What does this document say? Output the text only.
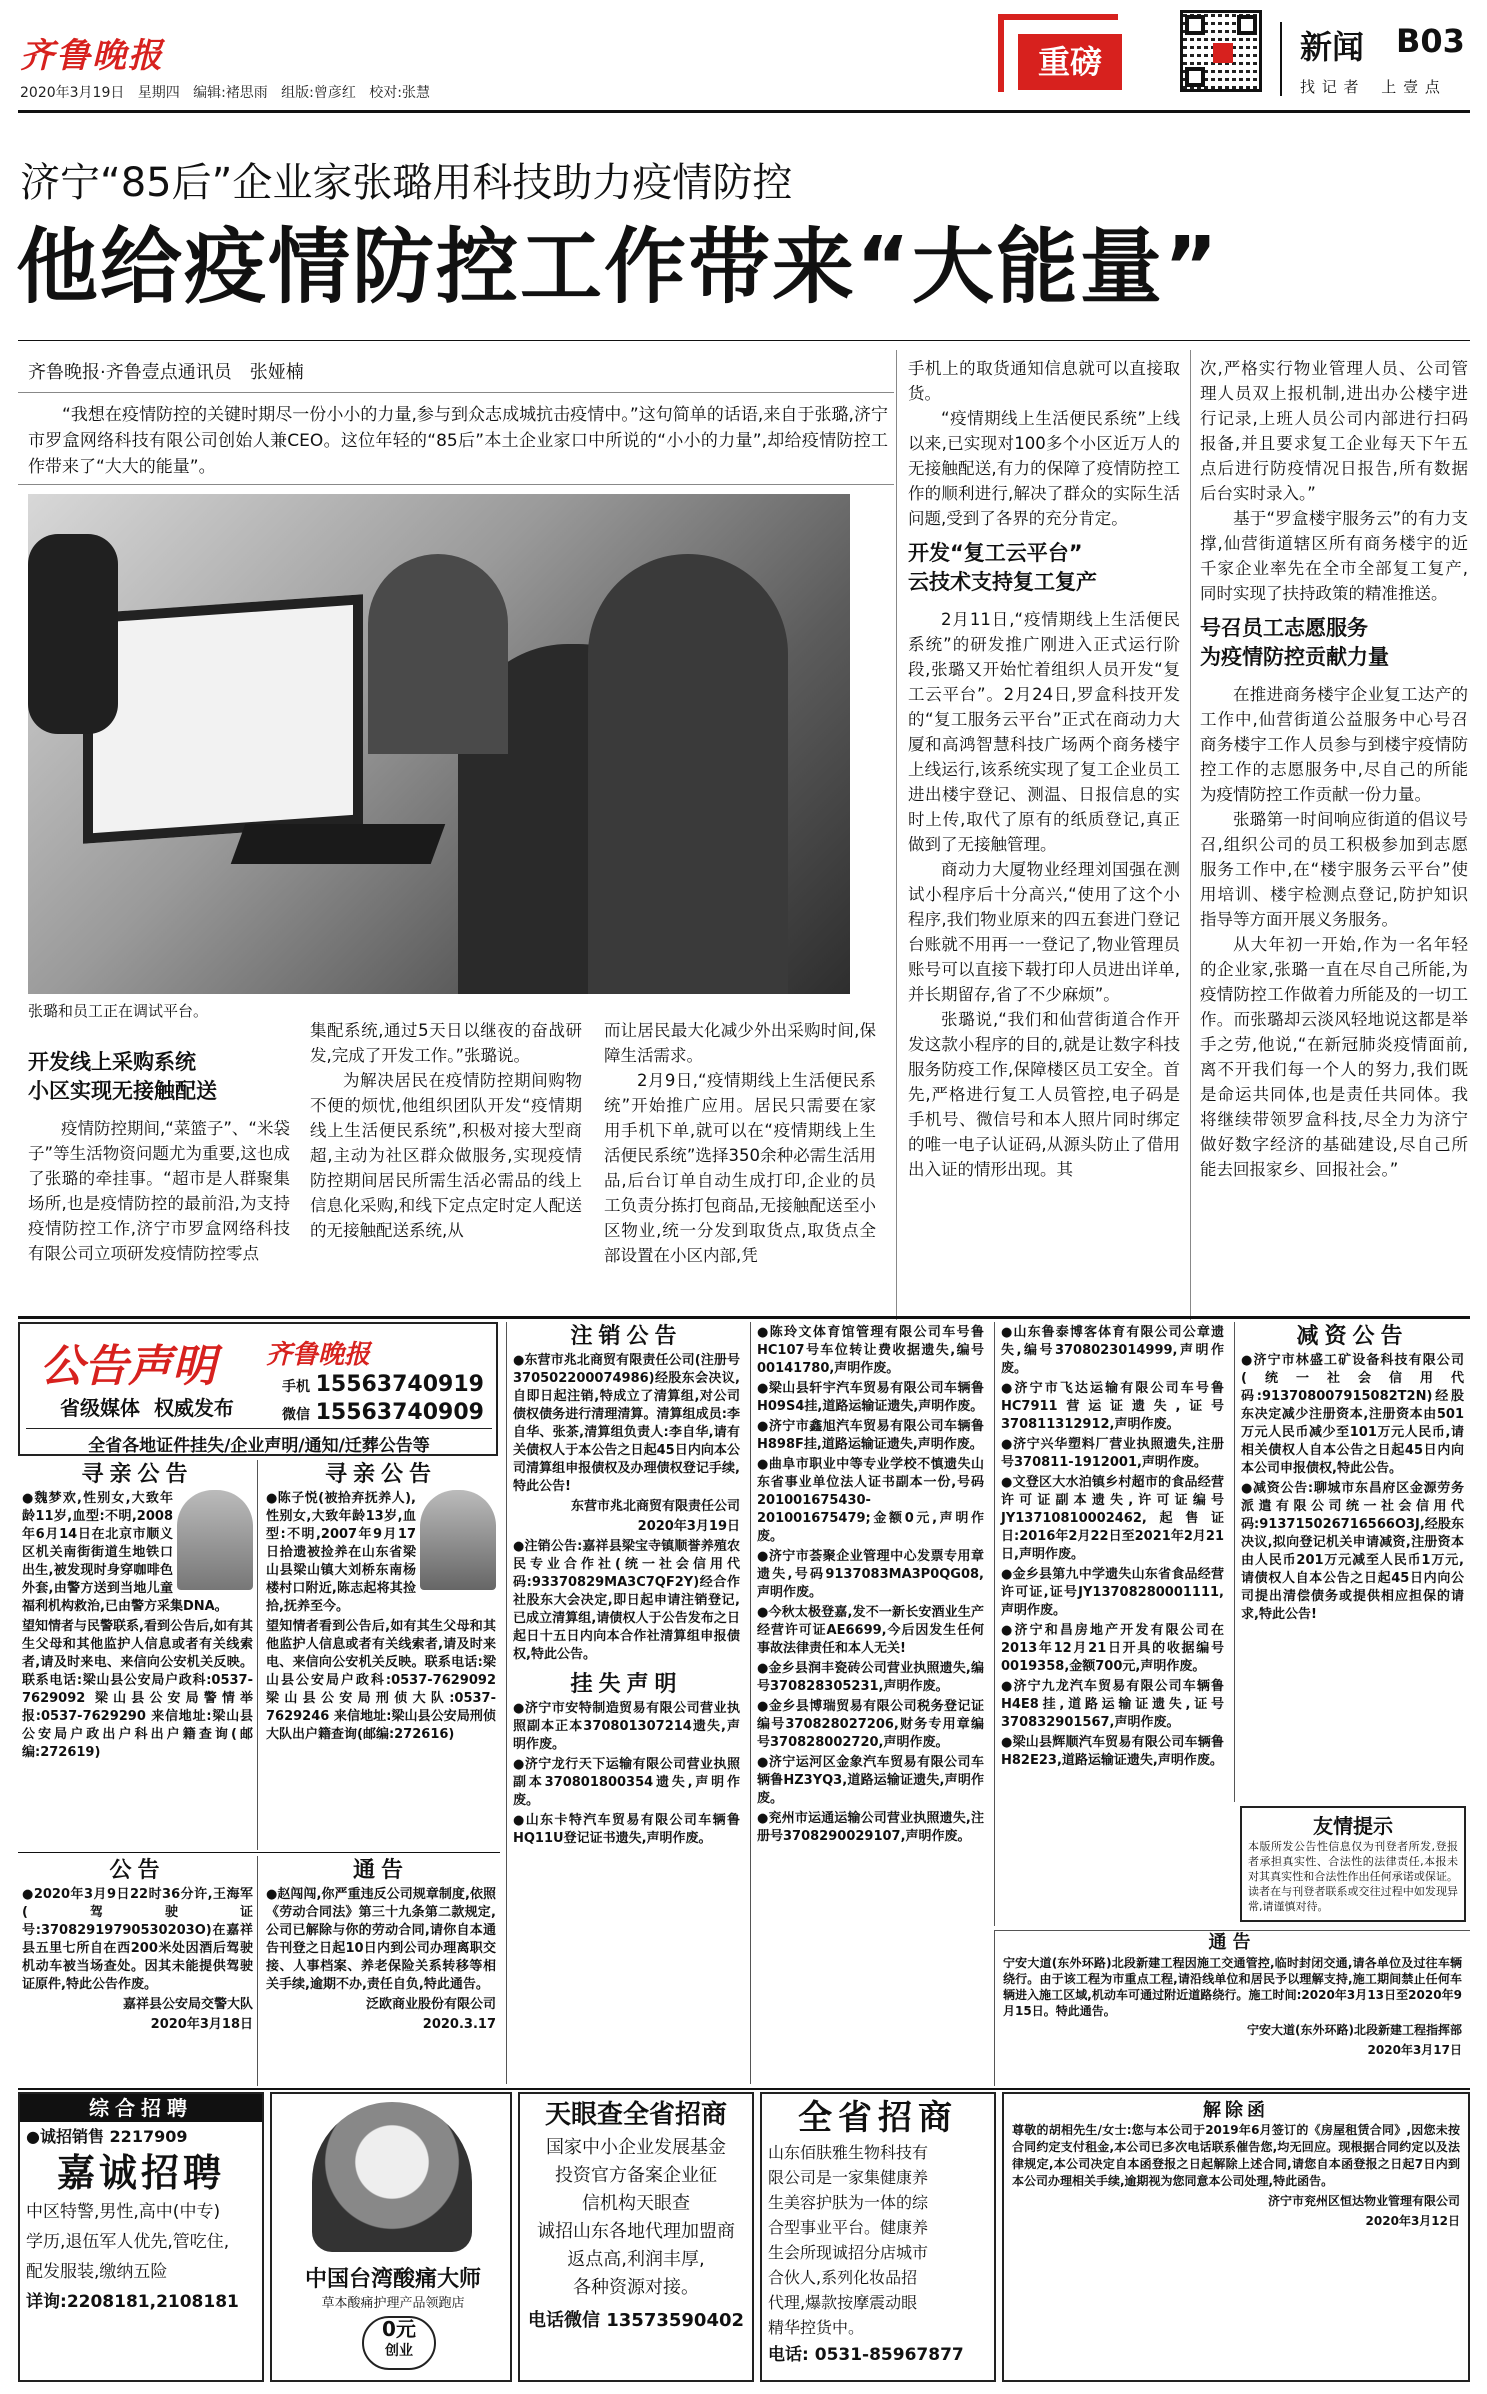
齐鲁晚报
2020年3月19日 星期四 编辑:褚思雨 组版:曾彦红 校对:张慧
重磅	新闻 B03
找 记 者　 上 壹 点
济宁“85后”企业家张璐用科技助力疫情防控
他给疫情防控工作带来“大能量”
齐鲁晚报·齐鲁壹点通讯员　张娅楠
“我想在疫情防控的关键时期尽一份小小的力量,参与到众志成城抗击疫情中。”这句简单的话语,来自于张璐,济宁市罗盒网络科技有限公司创始人兼CEO。这位年轻的“85后”本土企业家口中所说的“小小的力量”,却给疫情防控工作带来了“大大的能量”。
张璐和员工正在调试平台。
开发线上采购系统
小区实现无接触配送

疫情防控期间,“菜篮子”、“米袋子”等生活物资问题尤为重要,这也成了张璐的牵挂事。“超市是人群聚集场所,也是疫情防控的最前沿,为支持疫情防控工作,济宁市罗盒网络科技有限公司立项研发疫情防控零点

集配系统,通过5天日以继夜的奋战研发,完成了开发工作。”张璐说。

为解决居民在疫情防控期间购物不便的烦忧,他组织团队开发“疫情期线上生活便民系统”,积极对接大型商超,主动为社区群众做服务,实现疫情防控期间居民所需生活必需品的线上信息化采购,和线下定点定时定人配送的无接触配送系统,从

而让居民最大化减少外出采购时间,保障生活需求。

2月9日,“疫情期线上生活便民系统”开始推广应用。居民只需要在家用手机下单,就可以在“疫情期线上生活便民系统”选择350余种必需生活用品,后台订单自动生成打印,企业的员工负责分拣打包商品,无接触配送至小区物业,统一分发到取货点,取货点全部设置在小区内部,凭

手机上的取货通知信息就可以直接取货。

“疫情期线上生活便民系统”上线以来,已实现对100多个小区近万人的无接触配送,有力的保障了疫情防控工作的顺利进行,解决了群众的实际生活问题,受到了各界的充分肯定。

开发“复工云平台”
云技术支持复工复产

2月11日,“疫情期线上生活便民系统”的研发推广刚进入正式运行阶段,张璐又开始忙着组织人员开发“复工云平台”。2月24日,罗盒科技开发的“复工服务云平台”正式在商动力大厦和高鸿智慧科技广场两个商务楼宇上线运行,该系统实现了复工企业员工进出楼宇登记、测温、日报信息的实时上传,取代了原有的纸质登记,真正做到了无接触管理。

商动力大厦物业经理刘国强在测试小程序后十分高兴,“使用了这个小程序,我们物业原来的四五套进门登记台账就不用再一一登记了,物业管理员账号可以直接下载打印人员进出详单,并长期留存,省了不少麻烦”。

张璐说,“我们和仙营街道合作开发这款小程序的目的,就是让数字科技服务防疫工作,保障楼区员工安全。首先,严格进行复工人员管控,电子码是手机号、微信号和本人照片同时绑定的唯一电子认证码,从源头防止了借用出入证的情形出现。其

次,严格实行物业管理人员、公司管理人员双上报机制,进出办公楼宇进行记录,上班人员公司内部进行扫码报备,并且要求复工企业每天下午五点后进行防疫情况日报告,所有数据后台实时录入。”

基于“罗盒楼宇服务云”的有力支撑,仙营街道辖区所有商务楼宇的近千家企业率先在全市全部复工复产,同时实现了扶持政策的精准推送。

号召员工志愿服务
为疫情防控贡献力量

在推进商务楼宇企业复工达产的工作中,仙营街道公益服务中心号召商务楼宇工作人员参与到楼宇疫情防控工作的志愿服务中,尽自己的所能为疫情防控工作贡献一份力量。

张璐第一时间响应街道的倡议号召,组织公司的员工积极参加到志愿服务工作中,在“楼宇服务云平台”使用培训、楼宇检测点登记,防护知识指导等方面开展义务服务。

从大年初一开始,作为一名年轻的企业家,张璐一直在尽自己所能,为疫情防控工作做着力所能及的一切工作。而张璐却云淡风轻地说这都是举手之劳,他说,“在新冠肺炎疫情面前,离不开我们每一个人的努力,我们既是命运共同体,也是责任共同体。我将继续带领罗盒科技,尽全力为济宁做好数字经济的基础建设,尽自己所能去回报家乡、回报社会。”

公告声明 齐鲁晚报
手机 15563740919
微信 15563740909
省级媒体 权威发布
全省各地证件挂失/企业声明/通知/迁葬公告等
寻亲公告

●魏梦欢,性别女,大致年龄11岁,血型:不明,2008年6月14日在北京市顺义区机关南街街道生地铁口出生,被发现时身穿咖啡色外套,由警方送到当地儿童福利机构救治,已由警方采集DNA。

望知情者与民警联系,看到公告后,如有其生父母和其他监护人信息或者有关线索者,请及时来电、来信向公安机关反映。联系电话:梁山县公安局户政科:0537-7629092 梁山县公安局警情举报:0537-7629290 来信地址:梁山县公安局户政出户科出户籍查询(邮编:272619)

寻亲公告

●陈子悦(被拾弃抚养人),性别女,大致年龄13岁,血型:不明,2007年9月17日拾遗被捡养在山东省梁山县梁山镇大刘桥东南杨楼村口附近,陈志起将其捡拾,抚养至今。

望知情者看到公告后,如有其生父母和其他监护人信息或者有关线索者,请及时来电、来信向公安机关反映。联系电话:梁山县公安局户政科:0537-7629092 梁山县公安局刑侦大队:0537-7629246 来信地址:梁山县公安局刑侦大队出户籍查询(邮编:272616)

公告

●2020年3月9日22时36分许,王海军(驾驶证号:37082919790530203O)在嘉祥县五里七所自在西200米处因酒后驾驶机动车被当场查处。因其未能提供驾驶证原件,特此公告作废。

嘉祥县公安局交警大队

2020年3月18日

通告

●赵闯闯,你严重违反公司规章制度,依照《劳动合同法》第三十九条第二款规定,公司已解除与你的劳动合同,请你自本通告刊登之日起10日内到公司办理离职交接、人事档案、养老保险关系转移等相关手续,逾期不办,责任自负,特此通告。

泛欧商业股份有限公司

2020.3.17

注销公告

●东营市兆北商贸有限责任公司(注册号370502200074986)经股东会决议,自即日起注销,特成立了清算组,对公司债权债务进行清理清算。清算组成员:李自华、张茶,清算组负责人:李自华,请有关债权人于本公告之日起45日内向本公司清算组申报债权及办理债权登记手续,特此公告!

东营市兆北商贸有限责任公司

2020年3月19日

●注销公告:嘉祥县梁宝寺镇顺誉养殖农民专业合作社(统一社会信用代码:93370829MA3C7QF2Y)经合作社股东大会决定,即日起申请注销登记,已成立清算组,请债权人于公告发布之日起日十五日内向本合作社清算组申报债权,特此公告。

挂失声明

●济宁市安特制造贸易有限公司营业执照副本正本370801307214遗失,声明作废。

●济宁龙行天下运输有限公司营业执照副本370801800354遗失,声明作废。

●山东卡特汽车贸易有限公司车辆鲁HQ11U登记证书遗失,声明作废。

●陈玲文体育馆管理有限公司车号鲁HC107号车位转让费收据遗失,编号00141780,声明作废。

●梁山县轩宇汽车贸易有限公司车辆鲁H09S4挂,道路运输证遗失,声明作废。

●济宁市鑫旭汽车贸易有限公司车辆鲁H898F挂,道路运输证遗失,声明作废。

●曲阜市职业中等专业学校不慎遗失山东省事业单位法人证书副本一份,号码201001675430-201001675479;金额0元,声明作废。

●济宁市荟聚企业管理中心发票专用章遗失,号码9137083MA3P0QG08,声明作废。

●今秋太极登嘉,发不一新长安酒业生产经营许可证AE6699,今后因发生任何事故法律责任和本人无关!

●金乡县润丰瓷砖公司营业执照遗失,编号370828305231,声明作废。

●金乡县博瑞贸易有限公司税务登记证编号370828027206,财务专用章编号370828002720,声明作废。

●济宁运河区金象汽车贸易有限公司车辆鲁HZ3YQ3,道路运输证遗失,声明作废。

●兖州市运通运输公司营业执照遗失,注册号3708290029107,声明作废。

●山东鲁泰博客体育有限公司公章遗失,编号3708023014999,声明作废。

●济宁市飞达运输有限公司车号鲁HC7911营运证遗失,证号370811312912,声明作废。

●济宁兴华塑料厂营业执照遗失,注册号370811-1912001,声明作废。

●文登区大水泊镇乡村超市的食品经营许可证副本遗失,许可证编号JY13710810002462,起售证日:2016年2月22日至2021年2月21日,声明作废。

●金乡县第九中学遗失山东省食品经营许可证,证号JY13708280001111,声明作废。

●济宁和昌房地产开发有限公司在2013年12月21日开具的收据编号0019358,金额700元,声明作废。

●济宁九龙汽车贸易有限公司车辆鲁H4E8挂,道路运输证遗失,证号370832901567,声明作废。

●梁山县辉顺汽车贸易有限公司车辆鲁H82E23,道路运输证遗失,声明作废。

减资公告

●济宁市林盛工矿设备科技有限公司(统一社会信用代码:913708007915082T2N)经股东决定减少注册资本,注册资本由501万元人民币减少至101万元人民币,请相关债权人自本公告之日起45日内向本公司申报债权,特此公告。

●减资公告:聊城市东昌府区金源劳务派遣有限公司统一社会信用代码:913715026716566O3J,经股东决议,拟向登记机关申请减资,注册资本由人民币201万元减至人民币1万元,请债权人自本公告之日起45日内向公司提出清偿债务或提供相应担保的请求,特此公告!

友情提示

本版所发公告性信息仅为刊登者所发,登报者承担真实性、合法性的法律责任,本报未对其真实性和合法性作出任何承诺或保证。读者在与刊登者联系或交往过程中如发现异常,请谨慎对待。

通告

宁安大道(东外环路)北段新建工程因施工交通管控,临时封闭交通,请各单位及过往车辆绕行。由于该工程为市重点工程,请沿线单位和居民予以理解支持,施工期间禁止任何车辆进入施工区域,机动车可通过附近道路绕行。施工时间:2020年3月13日至2020年9月15日。特此通告。

宁安大道(东外环路)北段新建工程指挥部

2020年3月17日

综合招聘
●诚招销售 2217909
嘉诚招聘
中区特警,男性,高中(中专)
学历,退伍军人优先,管吃住,
配发服装,缴纳五险
详询:2208181,2108181
中国台湾酸痛大师
草本酸痛护理产品领跑店
0元
创业
天眼查全省招商
国家中小企业发展基金
投资官方备案企业征
信机构天眼查
诚招山东各地代理加盟商
返点高,利润丰厚,
各种资源对接。
电话微信 13573590402
全省招商
山东佰肤雅生物科技有
限公司是一家集健康养
生美容护肤为一体的综
合型事业平台。健康养
生会所现诚招分店城市
合伙人,系列化妆品招
代理,爆款按摩震动眼
精华控货中。
电话: 0531-85967877
解除函

尊敬的胡相先生/女士:您与本公司于2019年6月签订的《房屋租赁合同》,因您未按合同约定支付租金,本公司已多次电话联系催告您,均无回应。现根据合同约定以及法律规定,本公司决定自本函登报之日起解除上述合同,请您自本函登报之日起7日内到本公司办理相关手续,逾期视为您同意本公司处理,特此函告。

济宁市兖州区恒达物业管理有限公司

2020年3月12日
